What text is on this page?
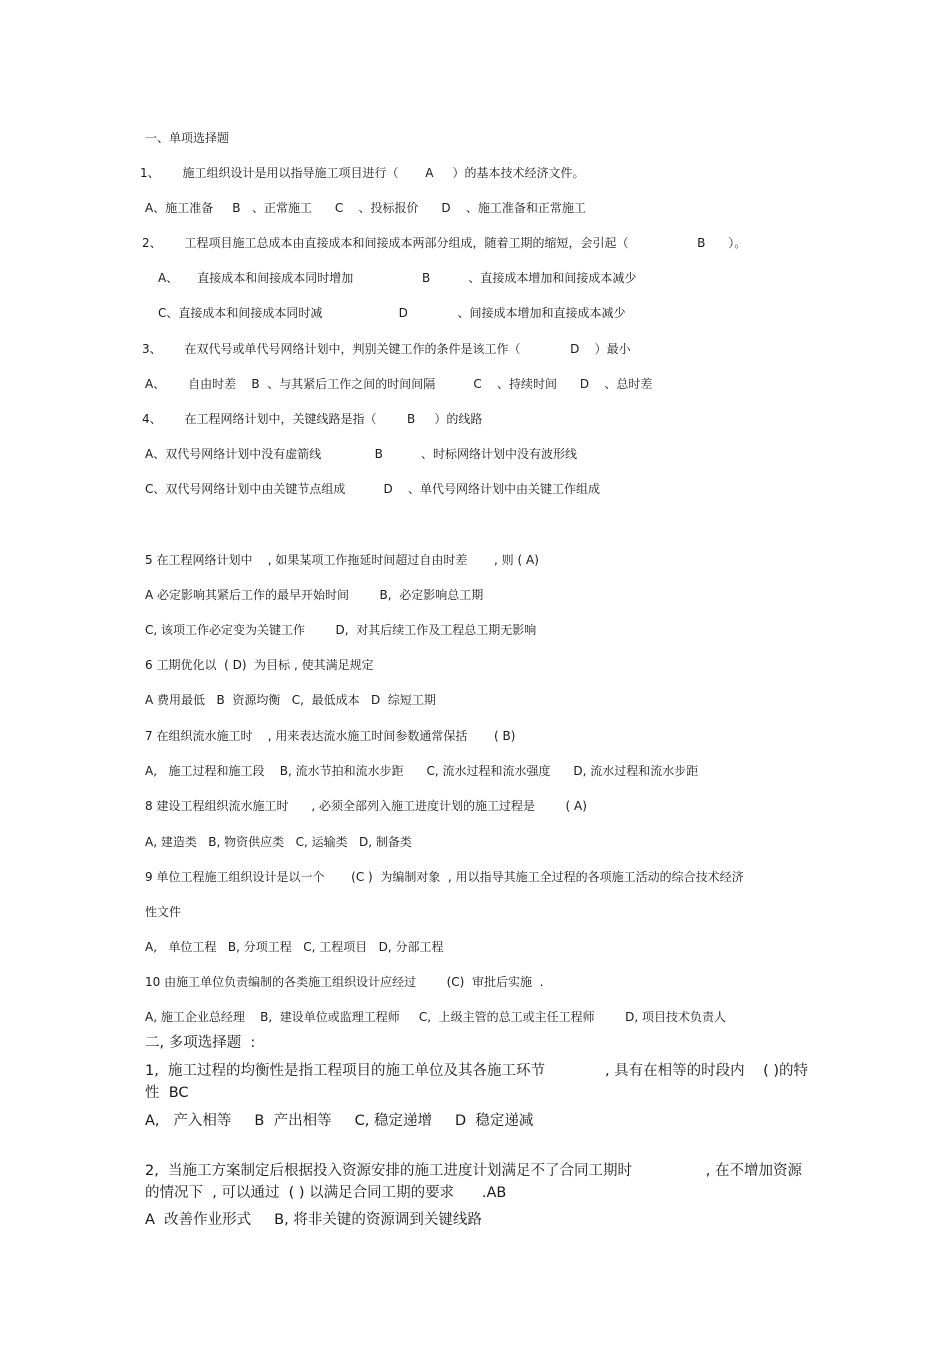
一、单项选择题
1、      施工组织设计是用以指导施工项目进行（       A     ）的基本技术经济文件。
A、施工准备     B   、正常施工      C    、投标报价      D    、施工准备和正常施工
2、      工程项目施工总成本由直接成本和间接成本两部分组成，随着工期的缩短，会引起（                  B      ）。
A、     直接成本和间接成本同时增加                  B          、直接成本增加和间接成本减少
C、直接成本和间接成本同时减                    D             、间接成本增加和直接成本减少
3、      在双代号或单代号网络计划中，判别关键工作的条件是该工作（             D    ）最小
A、      自由时差    B  、与其紧后工作之间的时间间隔          C    、持续时间      D    、总时差
4、      在工程网络计划中，关键线路是指（        B     ）的线路
A、双代号网络计划中没有虚箭线              B          、时标网络计划中没有波形线
C、双代号网络计划中由关键节点组成          D    、单代号网络计划中由关键工作组成
5 在工程网络计划中    , 如果某项工作拖延时间超过自由时差       , 则 ( A)
A 必定影响其紧后工作的最早开始时间        B,  必定影响总工期
C, 该项工作必定变为关键工作        D,  对其后续工作及工程总工期无影响
6 工期优化以  ( D)  为目标 , 使其满足规定
A 费用最低   B  资源均衡   C,  最低成本   D  综短工期
7 在组织流水施工时    , 用来表达流水施工时间参数通常保括       ( B)
A,   施工过程和施工段    B, 流水节拍和流水步距      C, 流水过程和流水强度      D, 流水过程和流水步距
8 建设工程组织流水施工时      , 必须全部列入施工进度计划的施工过程是        ( A)
A, 建造类   B, 物资供应类   C, 运输类   D, 制备类
9 单位工程施工组织设计是以一个       (C )  为编制对象  , 用以指导其施工全过程的各项施工活动的综合技术经济
性文件
A,   单位工程   B, 分项工程   C, 工程项目   D, 分部工程
10 由施工单位负责编制的各类施工组织设计应经过        (C)  审批后实施  .
A, 施工企业总经理    B,  建设单位或监理工程师     C,  上级主管的总工或主任工程师        D, 项目技术负责人
二, 多项选择题  :
1,  施工过程的均衡性是指工程项目的施工单位及其各施工环节             , 具有在相等的时段内    ( )的特
性  BC
A,   产入相等     B  产出相等     C, 稳定递增     D  稳定递减
2,  当施工方案制定后根据投入资源安排的施工进度计划满足不了合同工期时                , 在不增加资源
的情况下  , 可以通过  ( ) 以满足合同工期的要求      .AB
A  改善作业形式     B, 将非关键的资源调到关键线路
